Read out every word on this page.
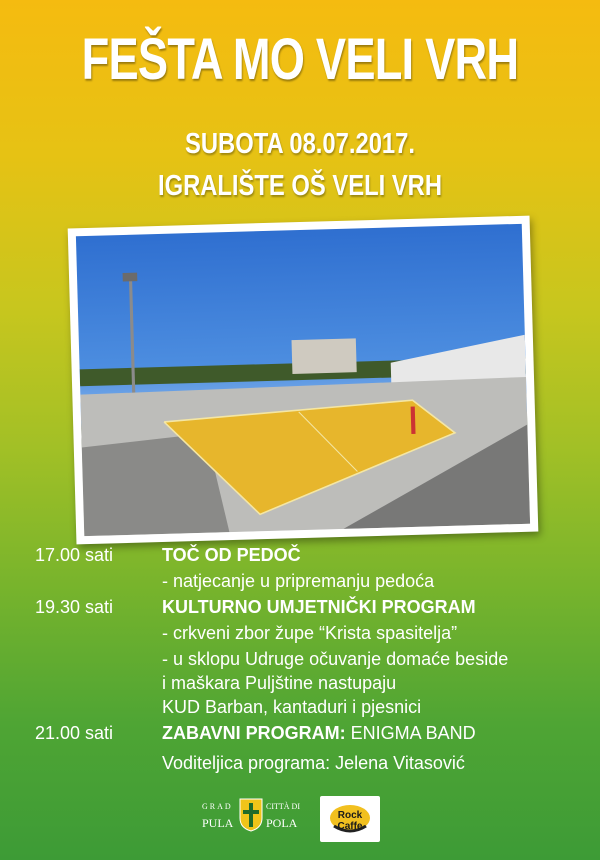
FEŠTA MO VELI VRH
SUBOTA 08.07.2017.
IGRALIŠTE OŠ VELI VRH
17.00 sati	TOČ OD PEDOČ
- natjecanje u pripremanju pedoća
19.30 sati	KULTURNO UMJETNIČKI PROGRAM
- crkveni zbor župe “Krista spasitelja”
- u sklopu Udruge očuvanje domaće beside
i maškara Puljštine nastupaju
KUD Barban, kantaduri i pjesnici
21.00 sati	ZABAVNI PROGRAM: ENIGMA BAND
Voditeljica programa: Jelena Vitasović
GRAD
PULA
CITTÀ DI
POLA
Rock Caffe
